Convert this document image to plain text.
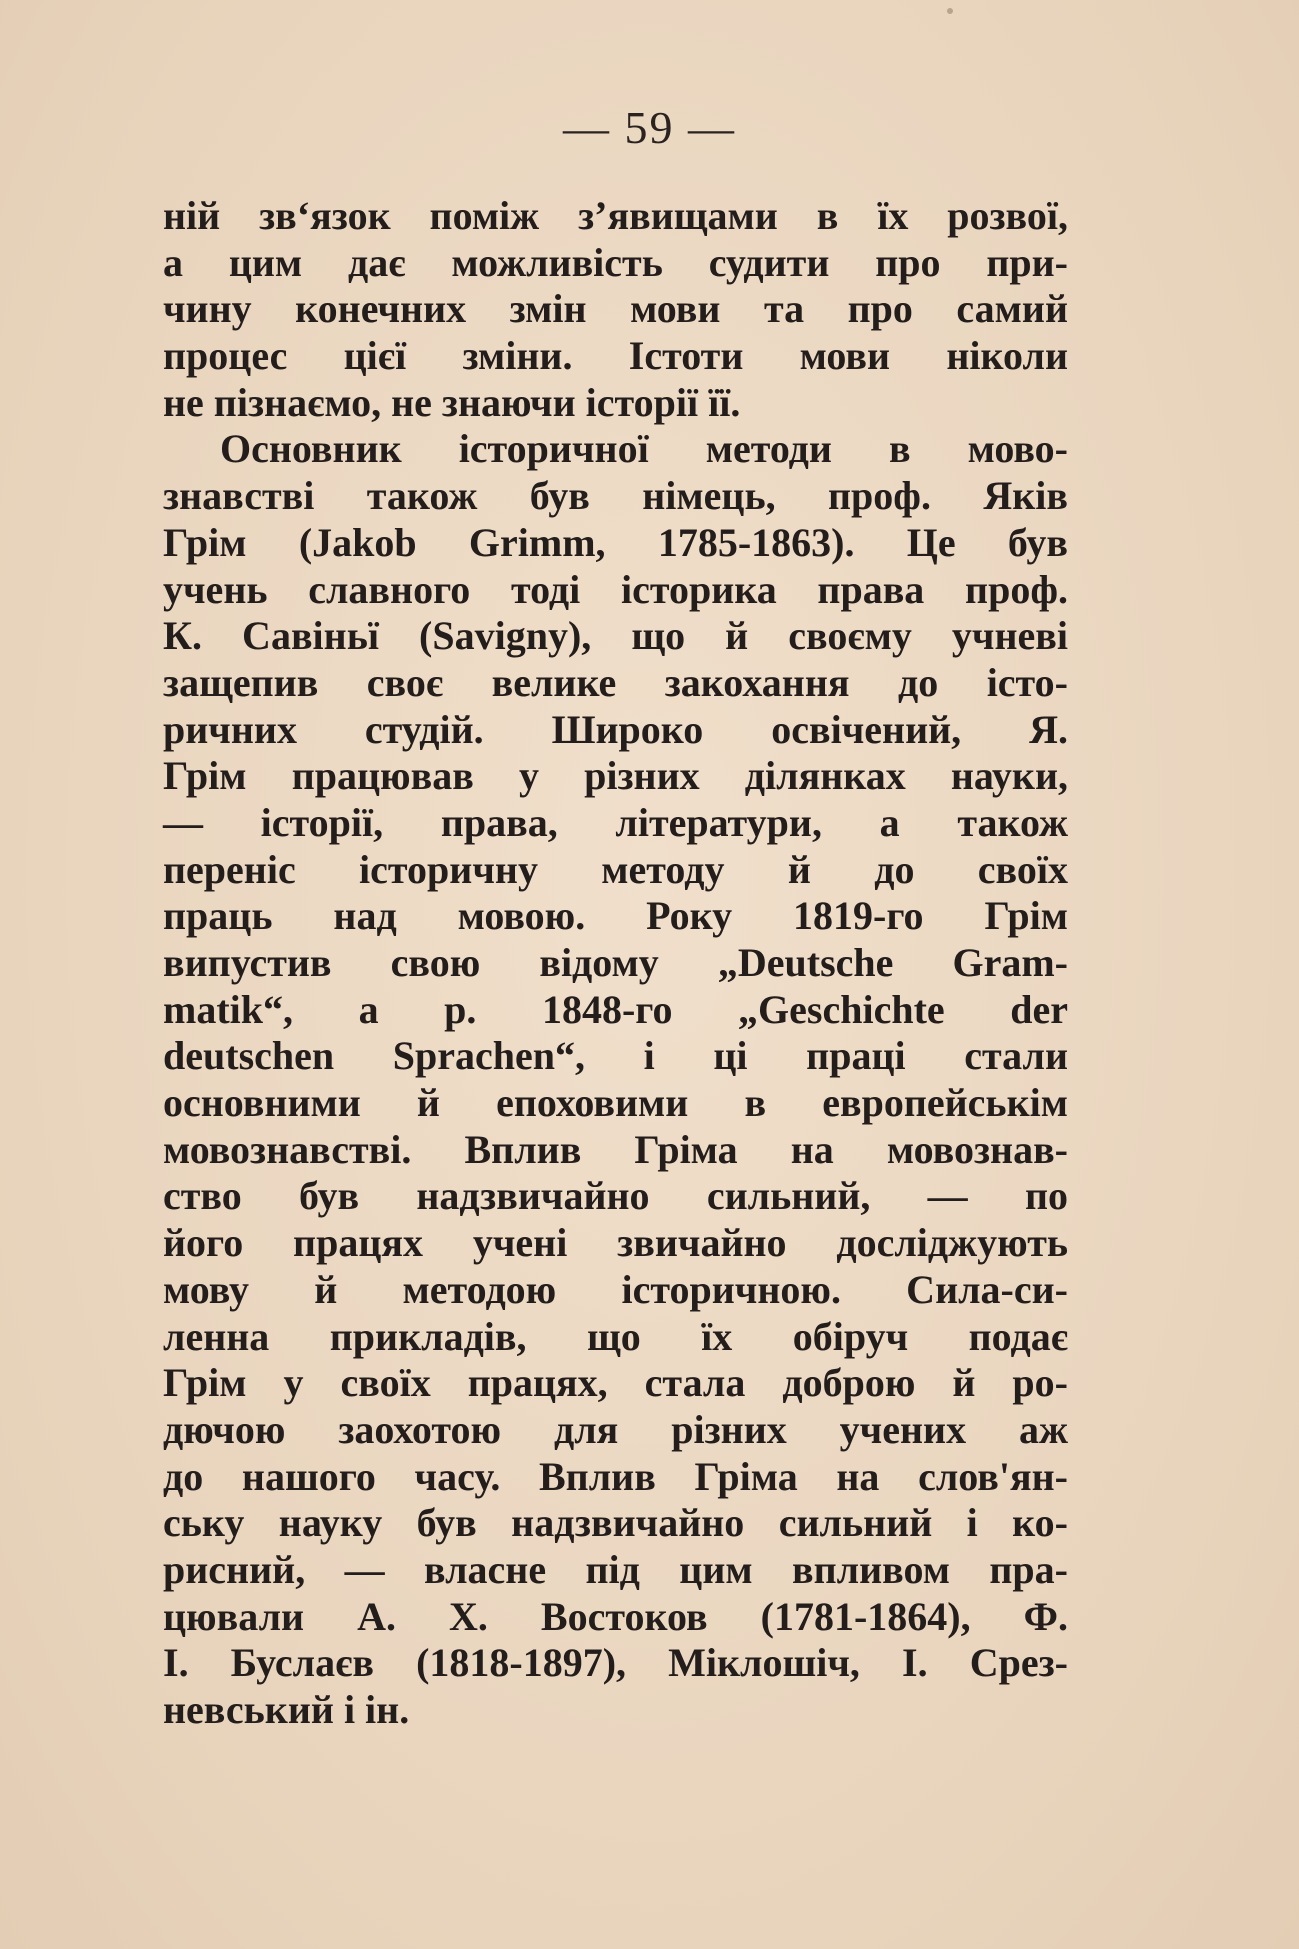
— 59 —
ній зв‘язок поміж з’явищами в їх розвої,
а цим дає можливість судити про при-
чину конечних змін мови та про самий
процес цієї зміни. Істоти мови ніколи
не пізнаємо, не знаючи історії її.
Основник історичної методи в мово-
знавстві також був німець, проф. Яків
Грім (Jakob Grimm, 1785-1863). Це був
учень славного тоді історика права проф.
К. Савіньї (Savigny), що й своєму учневі
защепив своє велике закохання до істо-
ричних студій. Широко освічений, Я.
Грім працював у різних ділянках науки,
— історії, права, літератури, а також
переніс історичну методу й до своїх
праць над мовою. Року 1819-го Грім
випустив свою відому „Deutsche Gram-
matik“, а р. 1848-го „Geschichte der
deutschen Sprachen“, і ці праці стали
основними й епоховими в европейськім
мовознавстві. Вплив Гріма на мовознав-
ство був надзвичайно сильний, — по
його працях учені звичайно досліджують
мову й методою історичною. Сила-си-
ленна прикладів, що їх обіруч подає
Грім у своїх працях, стала доброю й ро-
дючою заохотою для різних учених аж
до нашого часу. Вплив Гріма на слов'ян-
ську науку був надзвичайно сильний і ко-
рисний, — власне під цим впливом пра-
цювали А. Х. Востоков (1781-1864), Ф.
І. Буслаєв (1818-1897), Міклошіч, І. Срез-
невський і ін.
